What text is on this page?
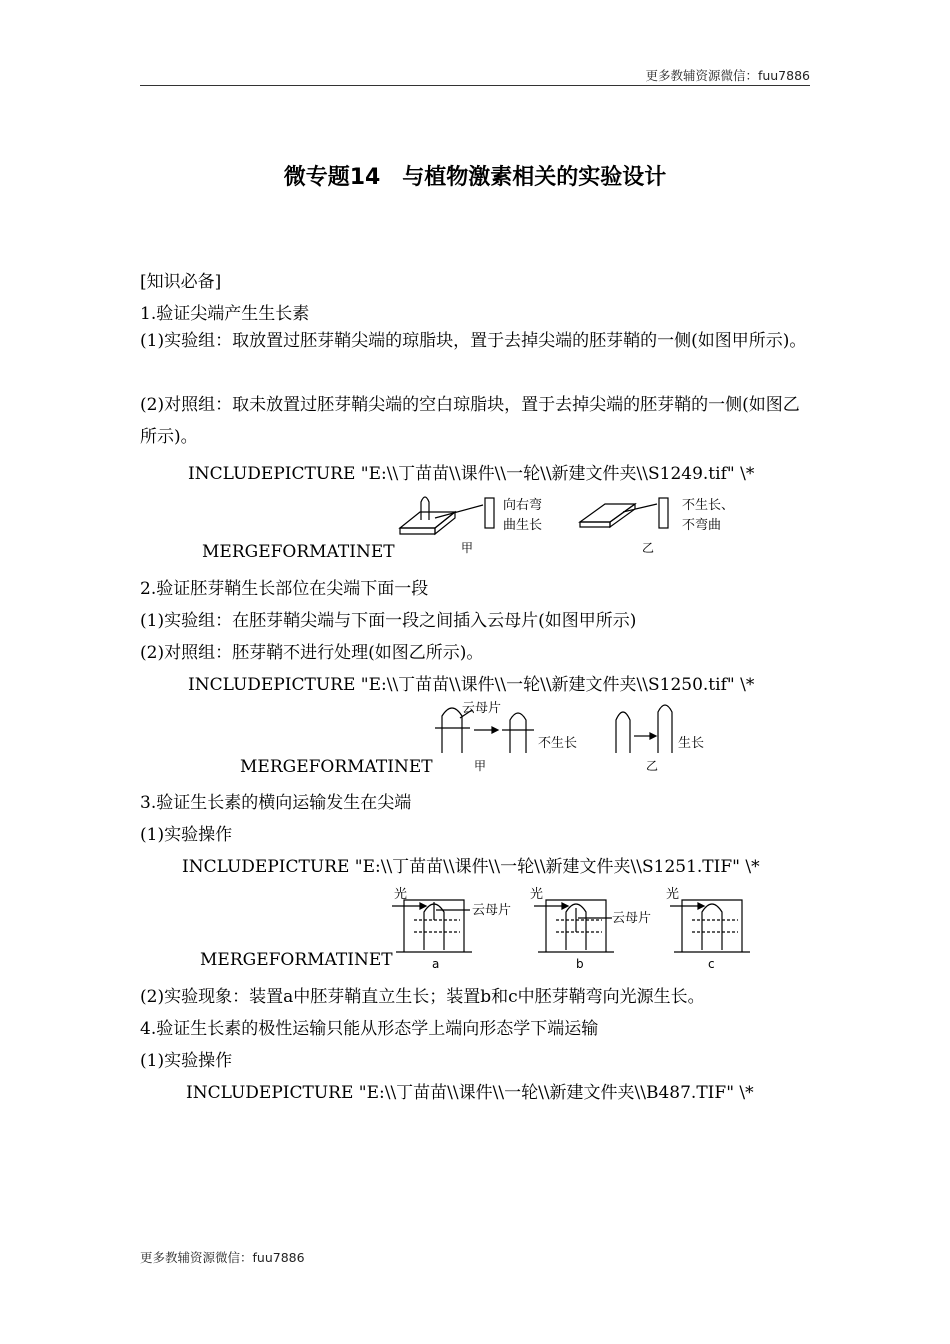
更多教辅资源微信：fuu7886
微专题14　与植物激素相关的实验设计
[知识必备]
1.验证尖端产生生长素
(1)实验组：取放置过胚芽鞘尖端的琼脂块，置于去掉尖端的胚芽鞘的一侧(如图甲所示)。
(2)对照组：取未放置过胚芽鞘尖端的空白琼脂块，置于去掉尖端的胚芽鞘的一侧(如图乙所示)。
INCLUDEPICTURE "E:\\丁苗苗\\课件\\一轮\\新建文件夹\\S1249.tif" \*
MERGEFORMATINET
向右弯
曲生长
甲
不生长、
不弯曲
乙
2.验证胚芽鞘生长部位在尖端下面一段
(1)实验组：在胚芽鞘尖端与下面一段之间插入云母片(如图甲所示)
(2)对照组：胚芽鞘不进行处理(如图乙所示)。
INCLUDEPICTURE "E:\\丁苗苗\\课件\\一轮\\新建文件夹\\S1250.tif" \*
MERGEFORMATINET
云母片
不生长
甲
生长
乙
3.验证生长素的横向运输发生在尖端
(1)实验操作
INCLUDEPICTURE "E:\\丁苗苗\\课件\\一轮\\新建文件夹\\S1251.TIF" \*
MERGEFORMATINET
光
云母片
a
光
云母片
b
光
c
(2)实验现象：装置a中胚芽鞘直立生长；装置b和c中胚芽鞘弯向光源生长。
4.验证生长素的极性运输只能从形态学上端向形态学下端运输
(1)实验操作
INCLUDEPICTURE "E:\\丁苗苗\\课件\\一轮\\新建文件夹\\B487.TIF" \*
更多教辅资源微信：fuu7886
